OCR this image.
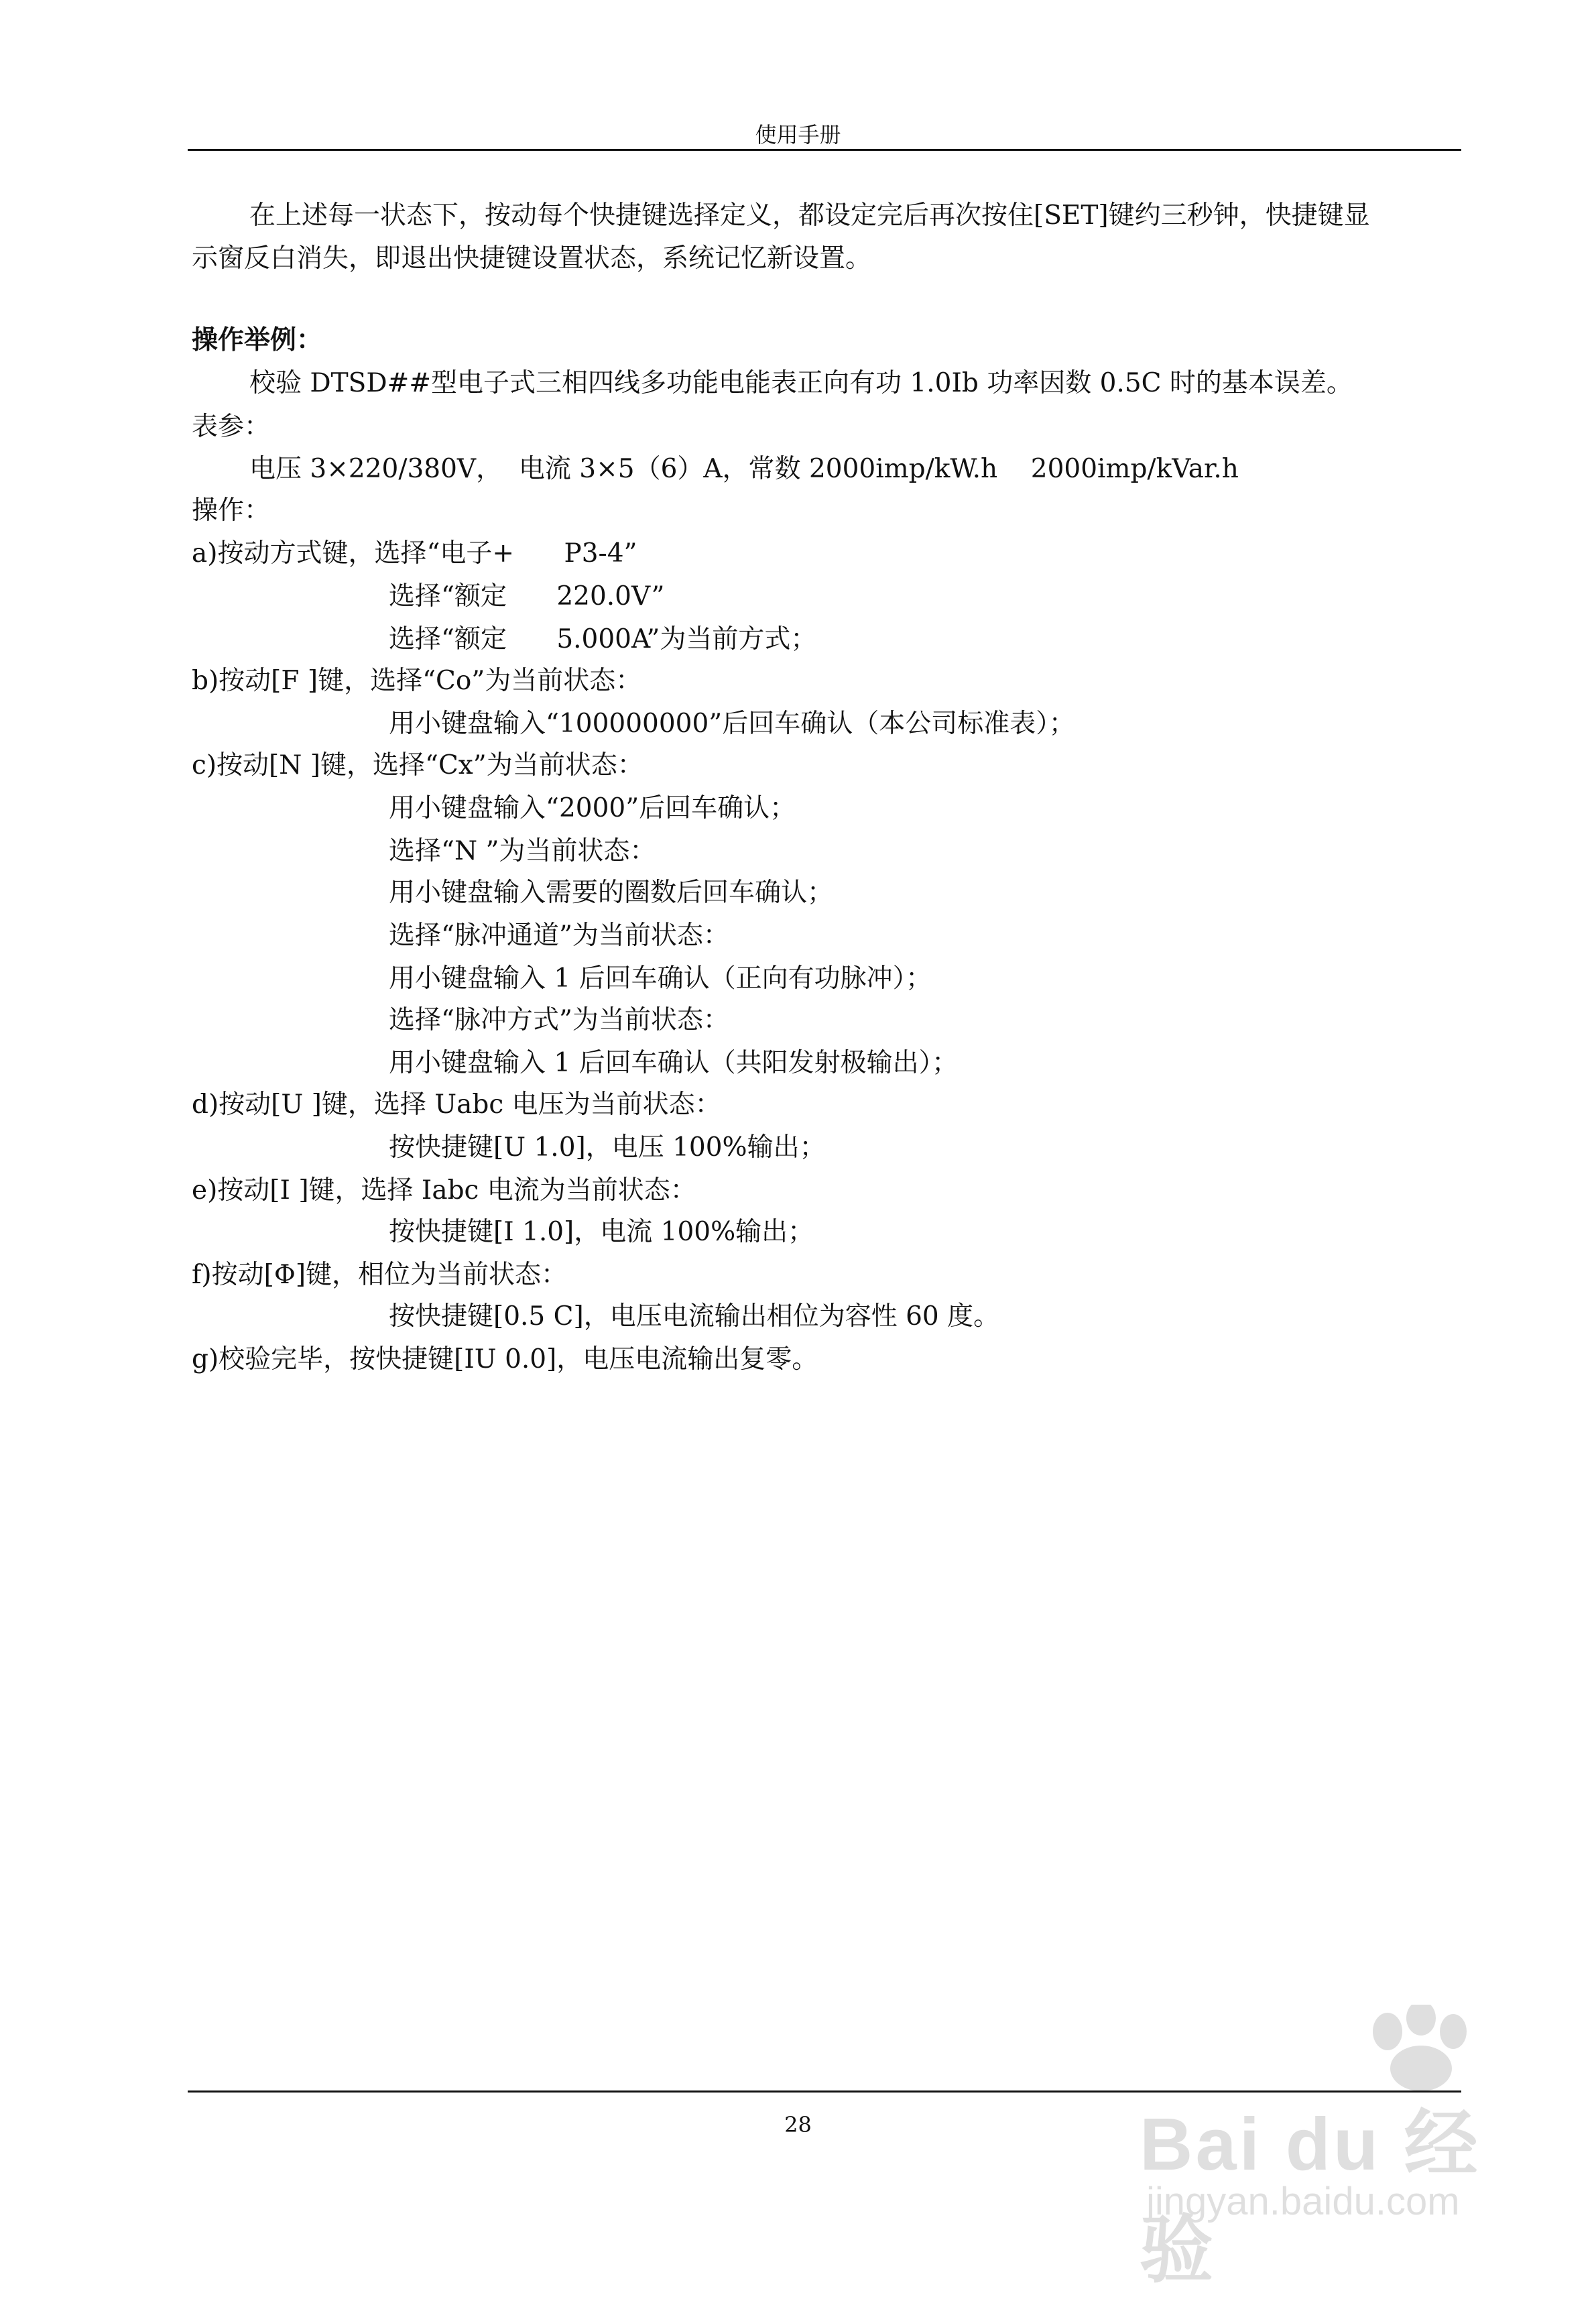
使用手册
在上述每一状态下，按动每个快捷键选择定义，都设定完后再次按住[SET]键约三秒钟，快捷键显
示窗反白消失，即退出快捷键设置状态，系统记忆新设置。
操作举例：
校验 DTSD##型电子式三相四线多功能电能表正向有功 1.0Ib 功率因数 0.5C 时的基本误差。
表参：
电压 3×220/380V，  电流 3×5（6）A，常数 2000imp/kW.h    2000imp/kVar.h
操作：
a)按动方式键，选择“电子+      P3-4”
选择“额定      220.0V”
选择“额定      5.000A”为当前方式；
b)按动[F ]键，选择“Co”为当前状态：
用小键盘输入“100000000”后回车确认（本公司标准表）；
c)按动[N ]键，选择“Cx”为当前状态：
用小键盘输入“2000”后回车确认；
选择“N ”为当前状态：
用小键盘输入需要的圈数后回车确认；
选择“脉冲通道”为当前状态：
用小键盘输入 1 后回车确认（正向有功脉冲）；
选择“脉冲方式”为当前状态：
用小键盘输入 1 后回车确认（共阳发射极输出）；
d)按动[U ]键，选择 Uabc 电压为当前状态：
按快捷键[U 1.0]，电压 100%输出；
e)按动[I ]键，选择 Iabc 电流为当前状态：
按快捷键[I 1.0]，电流 100%输出；
f)按动[Φ]键，相位为当前状态：
按快捷键[0.5 C]，电压电流输出相位为容性 60 度。
g)校验完毕，按快捷键[IU 0.0]，电压电流输出复零。
28	Bai du 经验
jingyan.baidu.com
